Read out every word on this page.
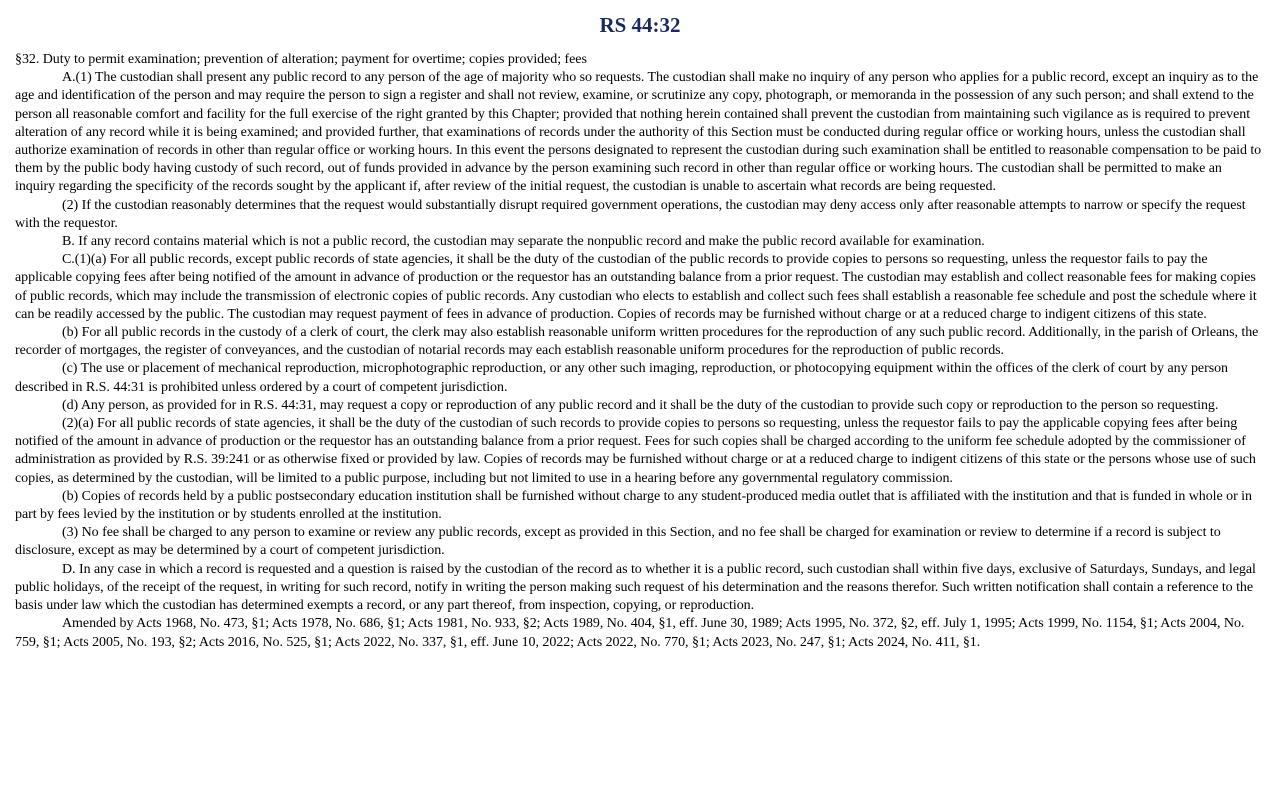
RS 44:32

§32. Duty to permit examination; prevention of alteration; payment for overtime; copies provided; fees

A.(1) The custodian shall present any public record to any person of the age of majority who so requests. The custodian shall make no inquiry of any person who applies for a public record, except an inquiry as to the age and identification of the person and may require the person to sign a register and shall not review, examine, or scrutinize any copy, photograph, or memoranda in the possession of any such person; and shall extend to the person all reasonable comfort and facility for the full exercise of the right granted by this Chapter; provided that nothing herein contained shall prevent the custodian from maintaining such vigilance as is required to prevent alteration of any record while it is being examined; and provided further, that examinations of records under the authority of this Section must be conducted during regular office or working hours, unless the custodian shall authorize examination of records in other than regular office or working hours. In this event the persons designated to represent the custodian during such examination shall be entitled to reasonable compensation to be paid to them by the public body having custody of such record, out of funds provided in advance by the person examining such record in other than regular office or working hours. The custodian shall be permitted to make an inquiry regarding the specificity of the records sought by the applicant if, after review of the initial request, the custodian is unable to ascertain what records are being requested.

(2) If the custodian reasonably determines that the request would substantially disrupt required government operations, the custodian may deny access only after reasonable attempts to narrow or specify the request with the requestor.

B. If any record contains material which is not a public record, the custodian may separate the nonpublic record and make the public record available for examination.

C.(1)(a) For all public records, except public records of state agencies, it shall be the duty of the custodian of the public records to provide copies to persons so requesting, unless the requestor fails to pay the applicable copying fees after being notified of the amount in advance of production or the requestor has an outstanding balance from a prior request. The custodian may establish and collect reasonable fees for making copies of public records, which may include the transmission of electronic copies of public records. Any custodian who elects to establish and collect such fees shall establish a reasonable fee schedule and post the schedule where it can be readily accessed by the public. The custodian may request payment of fees in advance of production. Copies of records may be furnished without charge or at a reduced charge to indigent citizens of this state.

(b) For all public records in the custody of a clerk of court, the clerk may also establish reasonable uniform written procedures for the reproduction of any such public record. Additionally, in the parish of Orleans, the recorder of mortgages, the register of conveyances, and the custodian of notarial records may each establish reasonable uniform procedures for the reproduction of public records.

(c) The use or placement of mechanical reproduction, microphotographic reproduction, or any other such imaging, reproduction, or photocopying equipment within the offices of the clerk of court by any person described in R.S. 44:31 is prohibited unless ordered by a court of competent jurisdiction.

(d) Any person, as provided for in R.S. 44:31, may request a copy or reproduction of any public record and it shall be the duty of the custodian to provide such copy or reproduction to the person so requesting.

(2)(a) For all public records of state agencies, it shall be the duty of the custodian of such records to provide copies to persons so requesting, unless the requestor fails to pay the applicable copying fees after being notified of the amount in advance of production or the requestor has an outstanding balance from a prior request. Fees for such copies shall be charged according to the uniform fee schedule adopted by the commissioner of administration as provided by R.S. 39:241 or as otherwise fixed or provided by law. Copies of records may be furnished without charge or at a reduced charge to indigent citizens of this state or the persons whose use of such copies, as determined by the custodian, will be limited to a public purpose, including but not limited to use in a hearing before any governmental regulatory commission.

(b) Copies of records held by a public postsecondary education institution shall be furnished without charge to any student-produced media outlet that is affiliated with the institution and that is funded in whole or in part by fees levied by the institution or by students enrolled at the institution.

(3) No fee shall be charged to any person to examine or review any public records, except as provided in this Section, and no fee shall be charged for examination or review to determine if a record is subject to disclosure, except as may be determined by a court of competent jurisdiction.

D. In any case in which a record is requested and a question is raised by the custodian of the record as to whether it is a public record, such custodian shall within five days, exclusive of Saturdays, Sundays, and legal public holidays, of the receipt of the request, in writing for such record, notify in writing the person making such request of his determination and the reasons therefor. Such written notification shall contain a reference to the basis under law which the custodian has determined exempts a record, or any part thereof, from inspection, copying, or reproduction.

Amended by Acts 1968, No. 473, §1; Acts 1978, No. 686, §1; Acts 1981, No. 933, §2; Acts 1989, No. 404, §1, eff. June 30, 1989; Acts 1995, No. 372, §2, eff. July 1, 1995; Acts 1999, No. 1154, §1; Acts 2004, No. 759, §1; Acts 2005, No. 193, §2; Acts 2016, No. 525, §1; Acts 2022, No. 337, §1, eff. June 10, 2022; Acts 2022, No. 770, §1; Acts 2023, No. 247, §1; Acts 2024, No. 411, §1.
